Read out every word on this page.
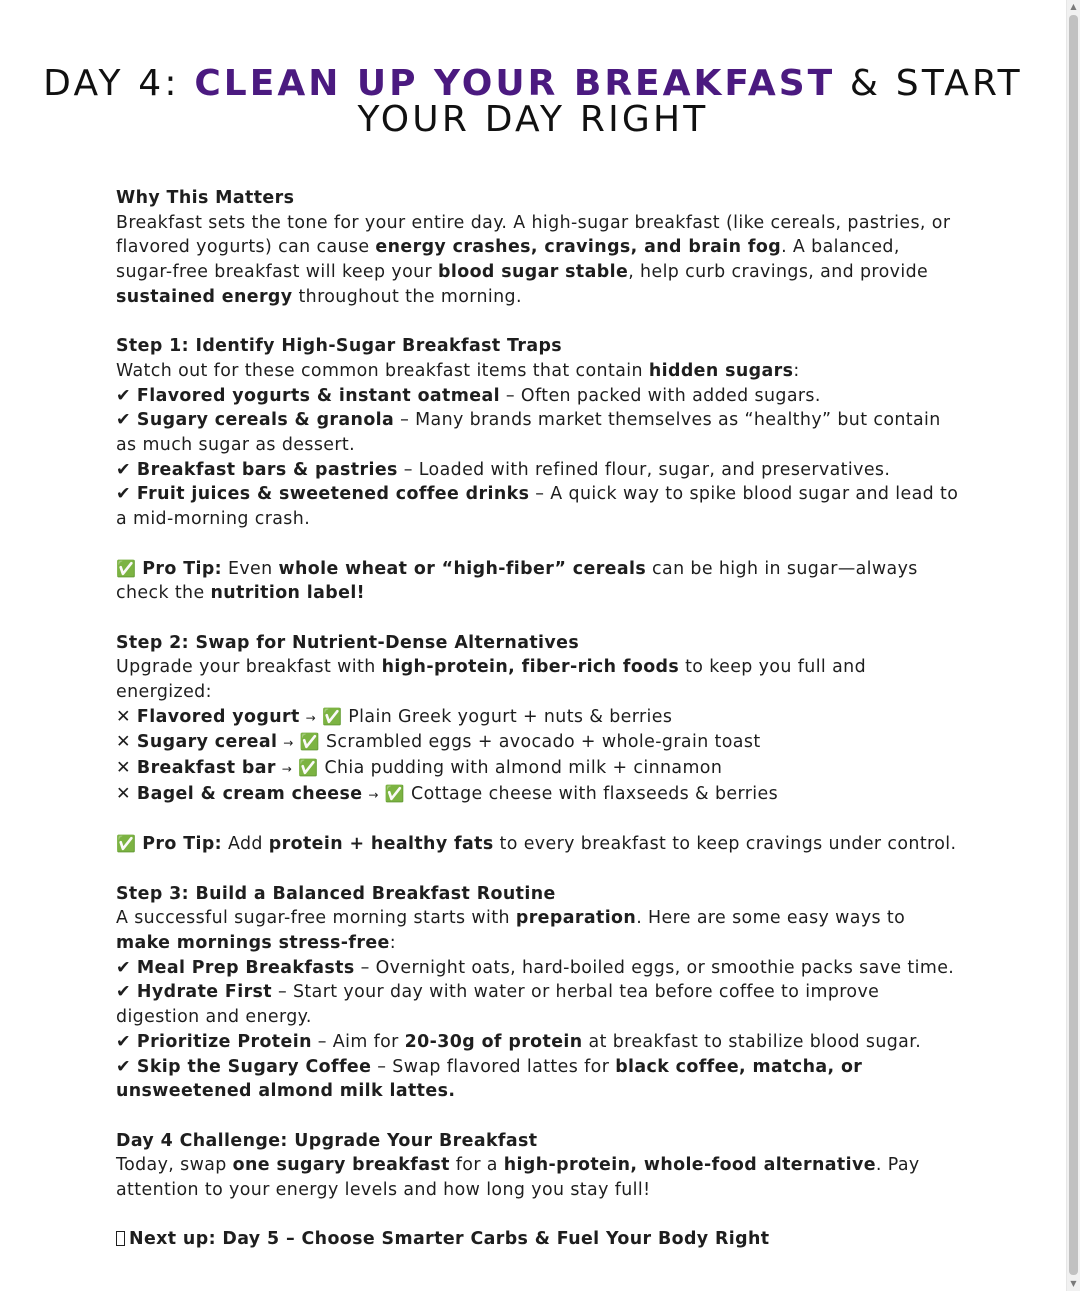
DAY 4: CLEAN UP YOUR BREAKFAST & START YOUR DAY RIGHT

Why This Matters
Breakfast sets the tone for your entire day. A high-sugar breakfast (like cereals, pastries, or flavored yogurts) can cause energy crashes, cravings, and brain fog. A balanced, sugar-free breakfast will keep your blood sugar stable, help curb cravings, and provide sustained energy throughout the morning.

Step 1: Identify High-Sugar Breakfast Traps
Watch out for these common breakfast items that contain hidden sugars:
✔ Flavored yogurts & instant oatmeal – Often packed with added sugars.
✔ Sugary cereals & granola – Many brands market themselves as “healthy” but contain as much sugar as dessert.
✔ Breakfast bars & pastries – Loaded with refined flour, sugar, and preservatives.
✔ Fruit juices & sweetened coffee drinks – A quick way to spike blood sugar and lead to a mid-morning crash.

✅ Pro Tip: Even whole wheat or “high-fiber” cereals can be high in sugar—always check the nutrition label!

Step 2: Swap for Nutrient-Dense Alternatives
Upgrade your breakfast with high-protein, fiber-rich foods to keep you full and energized:
✕ Flavored yogurt → ✅ Plain Greek yogurt + nuts & berries
✕ Sugary cereal → ✅ Scrambled eggs + avocado + whole-grain toast
✕ Breakfast bar → ✅ Chia pudding with almond milk + cinnamon
✕ Bagel & cream cheese → ✅ Cottage cheese with flaxseeds & berries

✅ Pro Tip: Add protein + healthy fats to every breakfast to keep cravings under control.

Step 3: Build a Balanced Breakfast Routine
A successful sugar-free morning starts with preparation. Here are some easy ways to make mornings stress-free:
✔ Meal Prep Breakfasts – Overnight oats, hard-boiled eggs, or smoothie packs save time.
✔ Hydrate First – Start your day with water or herbal tea before coffee to improve digestion and energy.
✔ Prioritize Protein – Aim for 20-30g of protein at breakfast to stabilize blood sugar.
✔ Skip the Sugary Coffee – Swap flavored lattes for black coffee, matcha, or unsweetened almond milk lattes.

Day 4 Challenge: Upgrade Your Breakfast
Today, swap one sugary breakfast for a high-protein, whole-food alternative. Pay attention to your energy levels and how long you stay full!

Next up: Day 5 – Choose Smarter Carbs & Fuel Your Body Right

▲
▼
